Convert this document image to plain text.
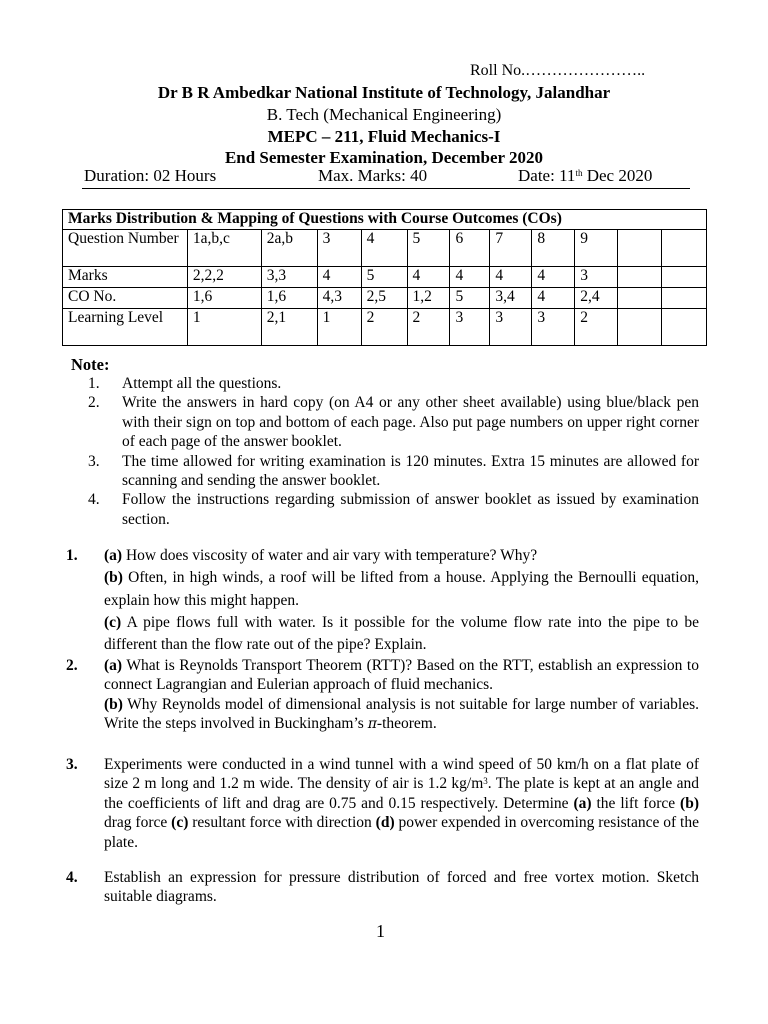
Roll No.…………………..
Dr B R Ambedkar National Institute of Technology, Jalandhar
B. Tech (Mechanical Engineering)
MEPC – 211, Fluid Mechanics-I
End Semester Examination, December 2020
Duration: 02 Hours	Max. Marks: 40	Date: 11th Dec 2020
Marks Distribution & Mapping of Questions with Course Outcomes (COs)											
Question Number	1a,b,c	2a,b	3	4	5	6	7	8	9		
Marks	2,2,2	3,3	4	5	4	4	4	4	3		
CO No.	1,6	1,6	4,3	2,5	1,2	5	3,4	4	2,4		
Learning Level	1	2,1	1	2	2	3	3	3	2		
Note:
1. Attempt all the questions.
2. Write the answers in hard copy (on A4 or any other sheet available) using blue/black pen with their sign on top and bottom of each page. Also put page numbers on upper right corner of each page of the answer booklet.
3. The time allowed for writing examination is 120 minutes. Extra 15 minutes are allowed for scanning and sending the answer booklet.
4. Follow the instructions regarding submission of answer booklet as issued by examination section.
1. (a) How does viscosity of water and air vary with temperature? Why?

(b) Often, in high winds, a roof will be lifted from a house. Applying the Bernoulli equation, explain how this might happen.

(c) A pipe flows full with water. Is it possible for the volume flow rate into the pipe to be different than the flow rate out of the pipe? Explain.

2. (a) What is Reynolds Transport Theorem (RTT)? Based on the RTT, establish an expression to connect Lagrangian and Eulerian approach of fluid mechanics.

(b) Why Reynolds model of dimensional analysis is not suitable for large number of variables. Write the steps involved in Buckingham’s π-theorem.

3. Experiments were conducted in a wind tunnel with a wind speed of 50 km/h on a flat plate of size 2 m long and 1.2 m wide. The density of air is 1.2 $kg/m^3$. The plate is kept at an angle and the coefficients of lift and drag are 0.75 and 0.15 respectively. Determine (a) the lift force (b) drag force (c) resultant force with direction (d) power expended in overcoming resistance of the plate.

4. Establish an expression for pressure distribution of forced and free vortex motion. Sketch suitable diagrams.

1
